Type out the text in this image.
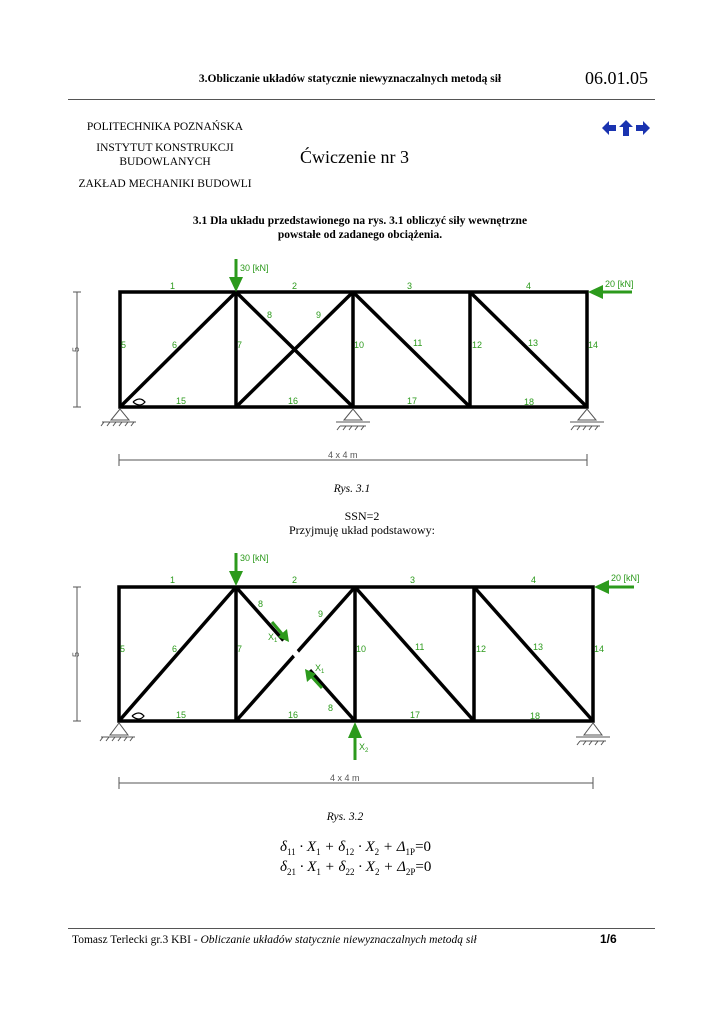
3.Obliczanie układów statycznie niewyznaczalnych metodą sił	06.01.05
POLITECHNIKA POZNAŃSKA
INSTYTUT KONSTRUKCJI
BUDOWLANYCH
ZAKŁAD MECHANIKI BUDOWLI
Ćwiczenie nr 3
3.1 Dla układu przedstawionego na rys. 3.1 obliczyć siły wewnętrzne
powstałe od zadanego obciążenia.
5
30 [kN]
20 [kN]
1	2	3	4
5	6	7
8	9
10	11	12	13	14
15	16	17	18
4 x 4 m
Rys. 3.1
SSN=2
Przyjmuję układ podstawowy:
5
30 [kN]
20 [kN]
$X_1$
$X_1$
$X_2$
1	2	3	4
5	6	7
8
9
10	11	12	13	14
15	16	17	18
8
4 x 4 m
Rys. 3.2
$\delta_{11} \cdot X_1 + \delta_{12} \cdot X_2 + \Delta_{1P}=0$
$\delta_{21} \cdot X_1 + \delta_{22} \cdot X_2 + \Delta_{2P}=0$
Tomasz Terlecki gr.3 KBI - Obliczanie układów statycznie niewyznaczalnych metodą sił	1/6
